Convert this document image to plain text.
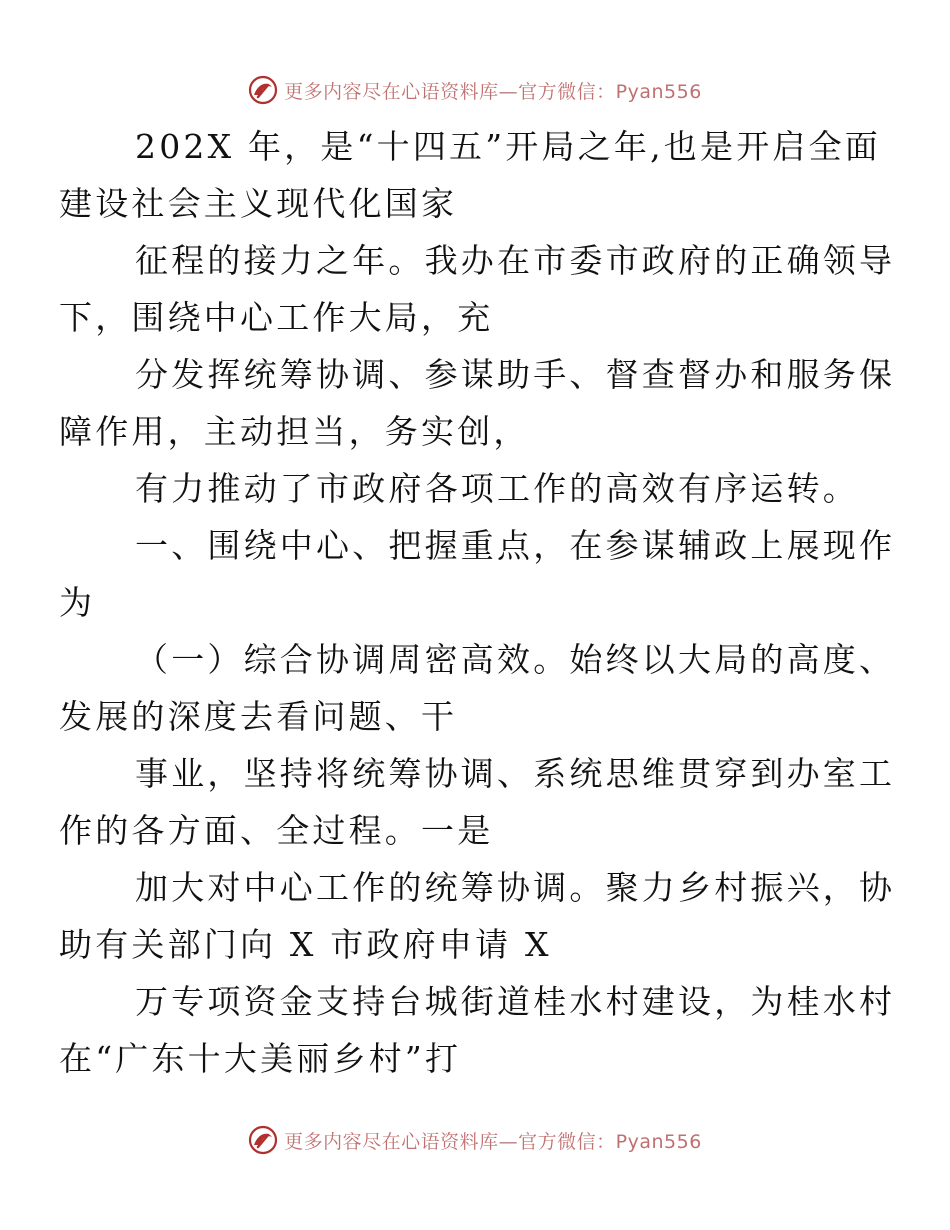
更多内容尽在心语资料库—官方微信：Pyan556

202X 年，是“十四五”开局之年,也是开启全面
建设社会主义现代化国家

征程的接力之年。我办在市委市政府的正确领导
下，围绕中心工作大局，充

分发挥统筹协调、参谋助手、督查督办和服务保
障作用，主动担当，务实创，

有力推动了市政府各项工作的高效有序运转。

一、围绕中心、把握重点，在参谋辅政上展现作
为

（一）综合协调周密高效。始终以大局的高度、
发展的深度去看问题、干

事业，坚持将统筹协调、系统思维贯穿到办室工
作的各方面、全过程。一是

加大对中心工作的统筹协调。聚力乡村振兴，协
助有关部门向 X 市政府申请 X

万专项资金支持台城街道桂水村建设，为桂水村
在“广东十大美丽乡村”打

更多内容尽在心语资料库—官方微信：Pyan556
